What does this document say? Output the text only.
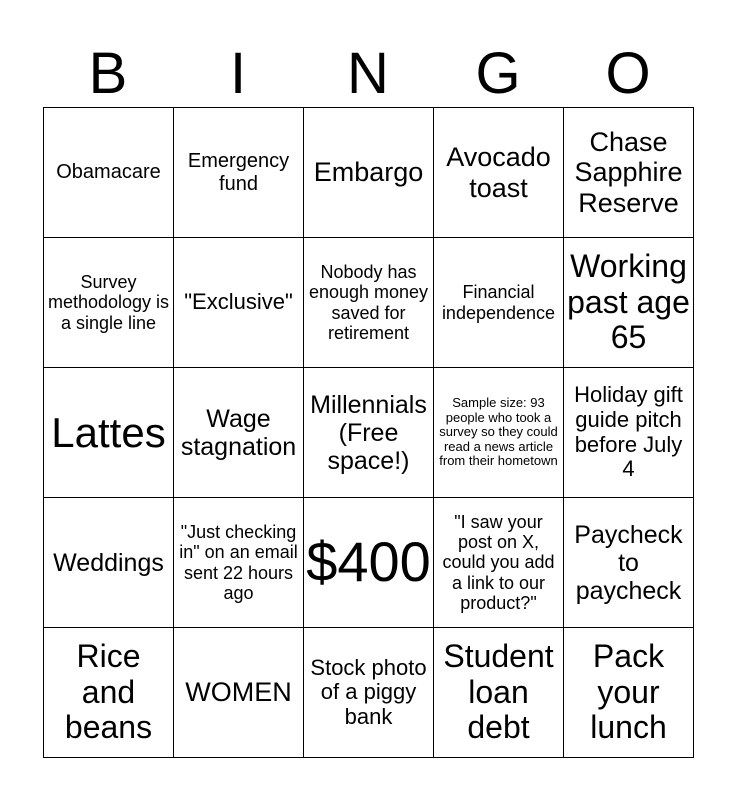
B	I	N	G	O
Obamacare	Emergency fund	Embargo	Avocado toast	Chase Sapphire Reserve
Survey methodology is a single line	"Exclusive"	Nobody has enough money saved for retirement	Financial independence	Working past age 65
Lattes	Wage stagnation	Millennials (Free space!)	Sample size: 93 people who took a survey so they could read a news article from their hometown	Holiday gift guide pitch before July 4
Weddings	"Just checking in" on an email sent 22 hours ago	$400	"I saw your post on X, could you add a link to our product?"	Paycheck to paycheck
Rice and beans	WOMEN	Stock photo of a piggy bank	Student loan debt	Pack your lunch
